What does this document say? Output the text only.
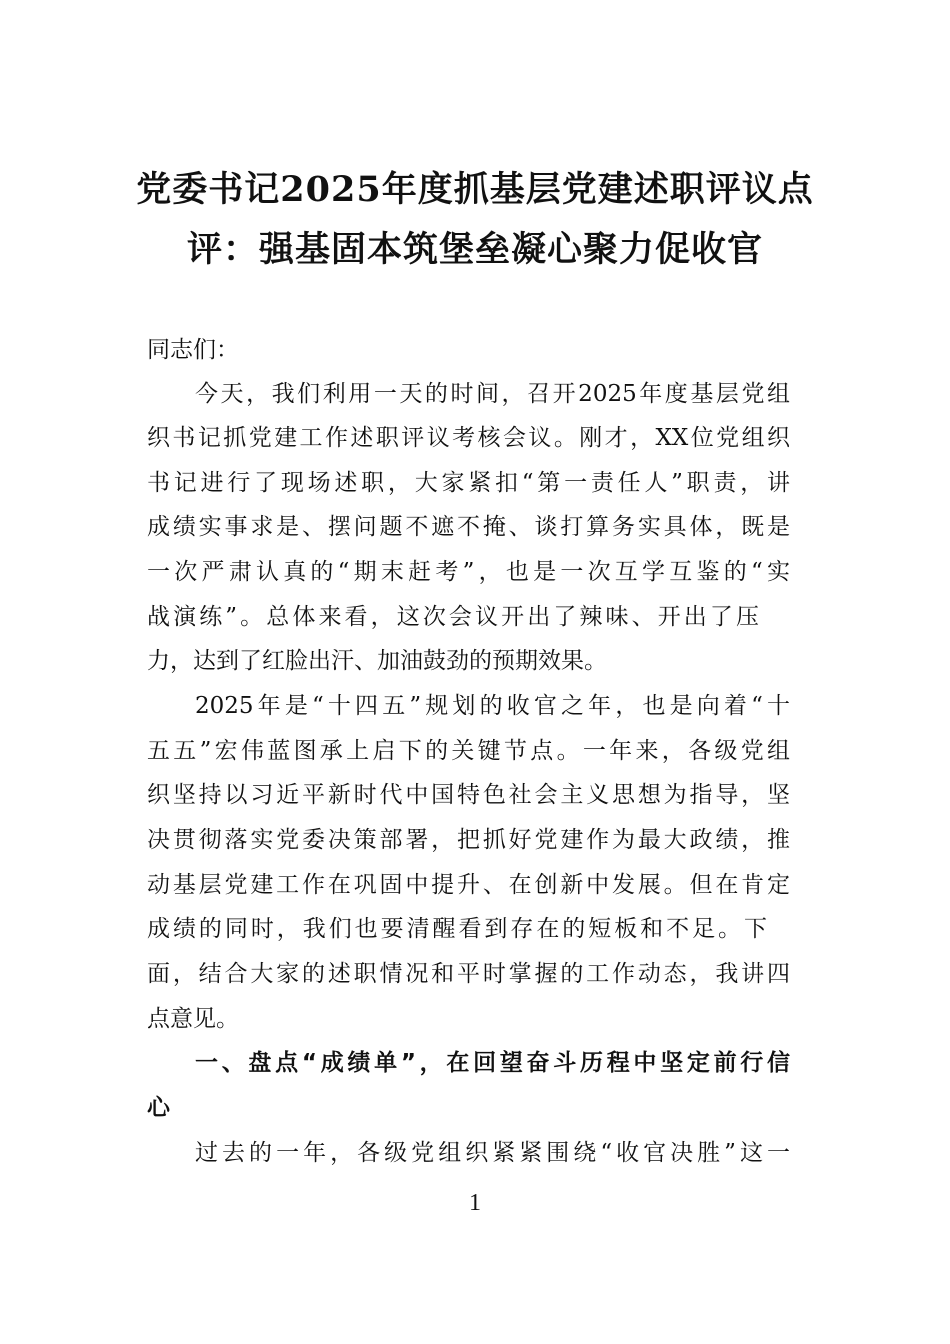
党委书记2025年度抓基层党建述职评议点
评：强基固本筑堡垒凝心聚力促收官
同志们：
今天，我们利用一天的时间，召开2025年度基层党组
织书记抓党建工作述职评议考核会议。刚才，XX位党组织
书记进行了现场述职，大家紧扣“第一责任人”职责，讲
成绩实事求是、摆问题不遮不掩、谈打算务实具体，既是
一次严肃认真的“期末赶考”，也是一次互学互鉴的“实
战演练”。总体来看，这次会议开出了辣味、开出了压
力，达到了红脸出汗、加油鼓劲的预期效果。
2025年是“十四五”规划的收官之年，也是向着“十
五五”宏伟蓝图承上启下的关键节点。一年来，各级党组
织坚持以习近平新时代中国特色社会主义思想为指导，坚
决贯彻落实党委决策部署，把抓好党建作为最大政绩，推
动基层党建工作在巩固中提升、在创新中发展。但在肯定
成绩的同时，我们也要清醒看到存在的短板和不足。下
面，结合大家的述职情况和平时掌握的工作动态，我讲四
点意见。
一、盘点“成绩单”，在回望奋斗历程中坚定前行信
心
过去的一年，各级党组织紧紧围绕“收官决胜”这一
1
